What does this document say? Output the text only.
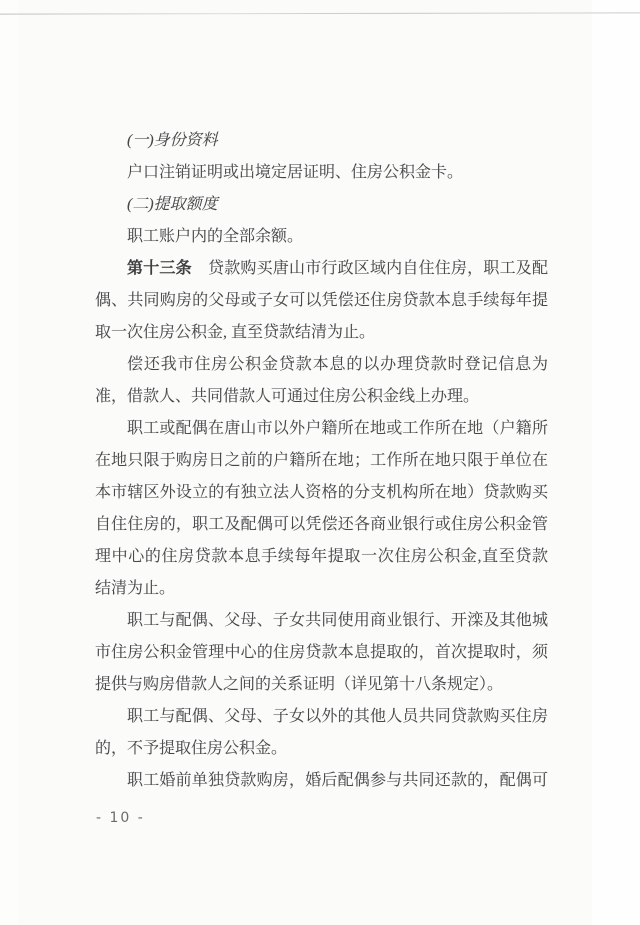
(一)身份资料
户口注销证明或出境定居证明、住房公积金卡。
(二)提取额度
职工账户内的全部余额。
第十三条　贷款购买唐山市行政区域内自住住房，职工及配
偶、共同购房的父母或子女可以凭偿还住房贷款本息手续每年提
取一次住房公积金, 直至贷款结清为止。
偿还我市住房公积金贷款本息的以办理贷款时登记信息为
准，借款人、共同借款人可通过住房公积金线上办理。
职工或配偶在唐山市以外户籍所在地或工作所在地（户籍所
在地只限于购房日之前的户籍所在地；工作所在地只限于单位在
本市辖区外设立的有独立法人资格的分支机构所在地）贷款购买
自住住房的，职工及配偶可以凭偿还各商业银行或住房公积金管
理中心的住房贷款本息手续每年提取一次住房公积金,直至贷款
结清为止。
职工与配偶、父母、子女共同使用商业银行、开滦及其他城
市住房公积金管理中心的住房贷款本息提取的，首次提取时，须
提供与购房借款人之间的关系证明（详见第十八条规定）。
职工与配偶、父母、子女以外的其他人员共同贷款购买住房
的，不予提取住房公积金。
职工婚前单独贷款购房，婚后配偶参与共同还款的，配偶可
- 10 -
